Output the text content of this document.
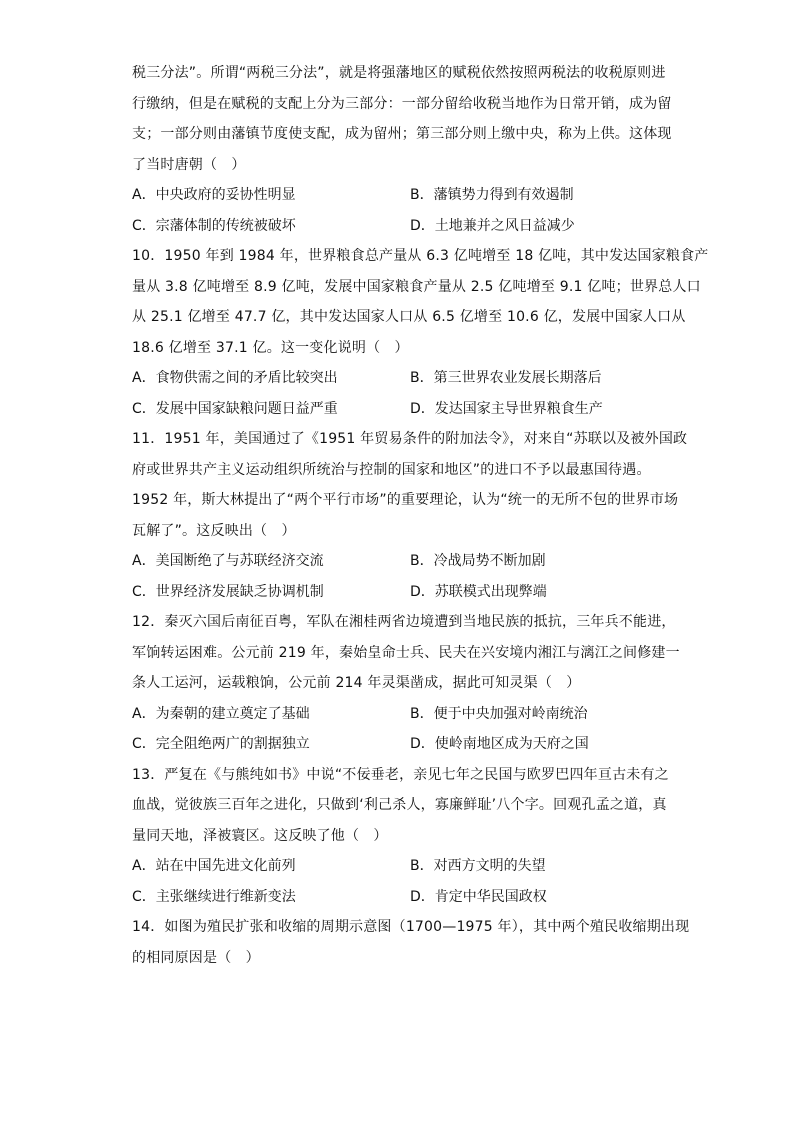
税三分法”。所谓“两税三分法”，就是将强藩地区的赋税依然按照两税法的收税原则进
行缴纳，但是在赋税的支配上分为三部分：一部分留给收税当地作为日常开销，成为留
支；一部分则由藩镇节度使支配，成为留州；第三部分则上缴中央，称为上供。这体现
了当时唐朝（　）
A．中央政府的妥协性明显	B．藩镇势力得到有效遏制
C．宗藩体制的传统被破坏	D．土地兼并之风日益减少
10．1950 年到 1984 年，世界粮食总产量从 6.3 亿吨增至 18 亿吨，其中发达国家粮食产
量从 3.8 亿吨增至 8.9 亿吨，发展中国家粮食产量从 2.5 亿吨增至 9.1 亿吨；世界总人口
从 25.1 亿增至 47.7 亿，其中发达国家人口从 6.5 亿增至 10.6 亿，发展中国家人口从
18.6 亿增至 37.1 亿。这一变化说明（　）
A．食物供需之间的矛盾比较突出	B．第三世界农业发展长期落后
C．发展中国家缺粮问题日益严重	D．发达国家主导世界粮食生产
11．1951 年，美国通过了《1951 年贸易条件的附加法令》，对来自“苏联以及被外国政
府或世界共产主义运动组织所统治与控制的国家和地区”的进口不予以最惠国待遇。
1952 年，斯大林提出了“两个平行市场”的重要理论，认为“统一的无所不包的世界市场
瓦解了”。这反映出（　）
A．美国断绝了与苏联经济交流	B．冷战局势不断加剧
C．世界经济发展缺乏协调机制	D．苏联模式出现弊端
12．秦灭六国后南征百粤，军队在湘桂两省边境遭到当地民族的抵抗，三年兵不能进，
军饷转运困难。公元前 219 年，秦始皇命士兵、民夫在兴安境内湘江与漓江之间修建一
条人工运河，运载粮饷，公元前 214 年灵渠凿成，据此可知灵渠（　）
A．为秦朝的建立奠定了基础	B．便于中央加强对岭南统治
C．完全阻绝两广的割据独立	D．使岭南地区成为天府之国
13．严复在《与熊纯如书》中说“不佞垂老，亲见七年之民国与欧罗巴四年亘古未有之
血战，觉彼族三百年之进化，只做到‘利己杀人，寡廉鲜耻’八个字。回观孔孟之道，真
量同天地，泽被寰区。这反映了他（　）
A．站在中国先进文化前列	B．对西方文明的失望
C．主张继续进行维新变法	D．肯定中华民国政权
14．如图为殖民扩张和收缩的周期示意图（1700—1975 年），其中两个殖民收缩期出现
的相同原因是（　）
